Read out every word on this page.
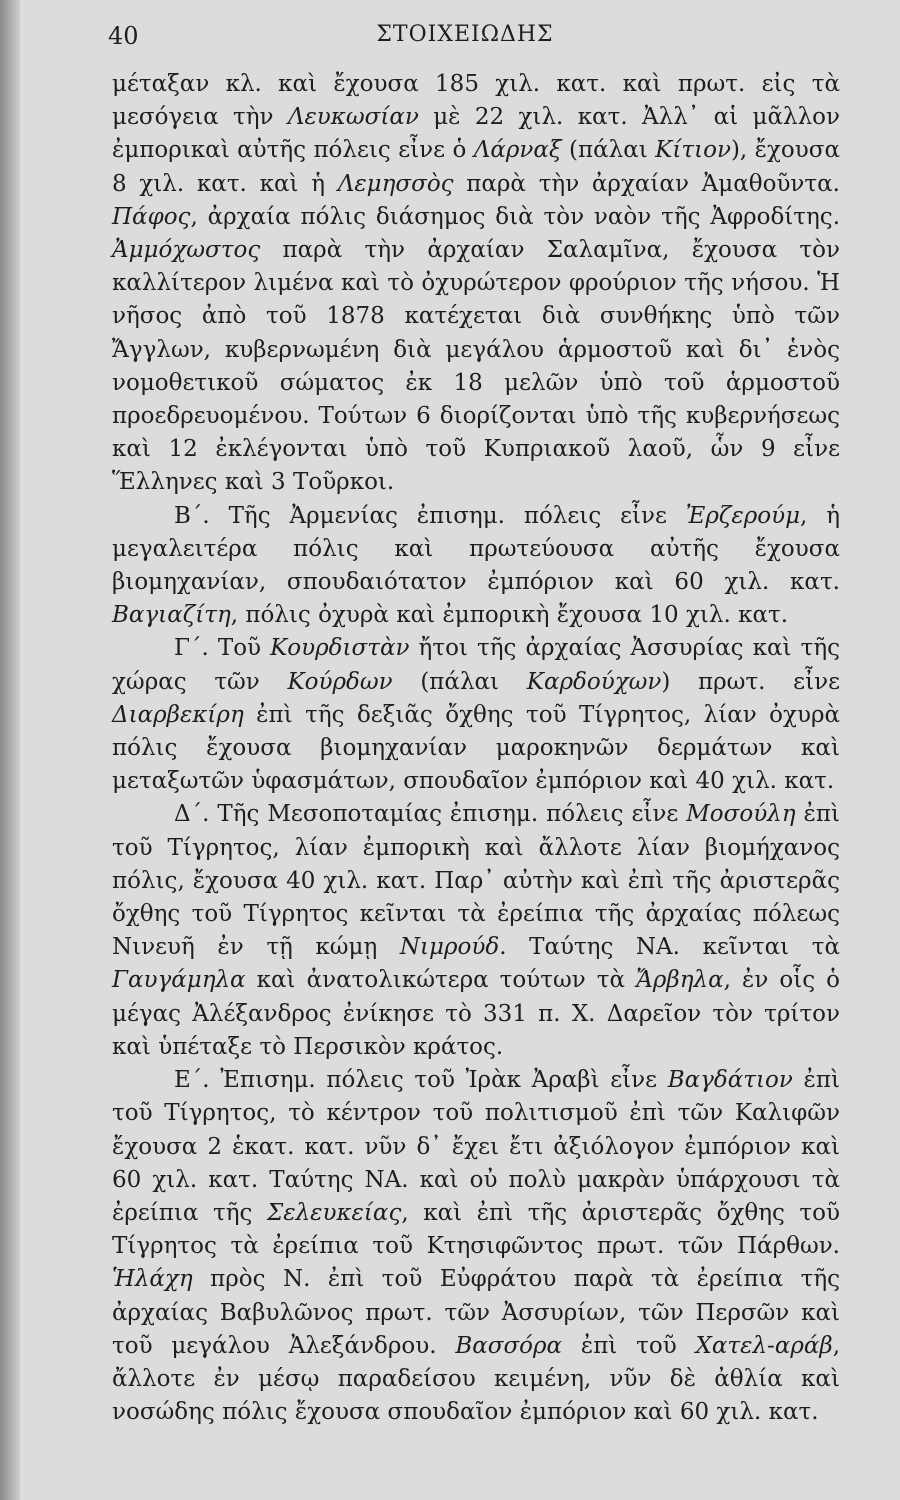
40	ΣΤΟΙΧΕΙΩΔΗΣ

μέταξαν κλ. καὶ ἔχουσα 185 χιλ. κατ. καὶ πρωτ. εἰς τὰ μεσόγεια τὴν Λευκωσίαν μὲ 22 χιλ. κατ. Ἀλλ᾽ αἱ μᾶλλον ἐμπορικαὶ αὐτῆς πόλεις εἶνε ὁ Λάρναξ (πάλαι Κίτιον), ἔχουσα 8 χιλ. κατ. καὶ ἡ Λεμησσὸς παρὰ τὴν ἀρχαίαν Ἀμαθοῦντα. Πάφος, ἀρχαία πόλις διάσημος διὰ τὸν ναὸν τῆς Ἀφροδίτης. Ἀμμόχωστος παρὰ τὴν ἀρχαίαν Σαλαμῖνα, ἔχουσα τὸν καλλίτερον λιμένα καὶ τὸ ὀχυρώτερον φρούριον τῆς νήσου. Ἡ νῆσος ἀπὸ τοῦ 1878 κατέχεται διὰ συνθήκης ὑπὸ τῶν Ἄγγλων, κυβερνωμένη διὰ μεγάλου ἁρμοστοῦ καὶ δι᾽ ἑνὸς νομοθετικοῦ σώματος ἐκ 18 μελῶν ὑπὸ τοῦ ἁρμοστοῦ προεδρευομένου. Τούτων 6 διορίζονται ὑπὸ τῆς κυβερνήσεως καὶ 12 ἐκλέγονται ὑπὸ τοῦ Κυπριακοῦ λαοῦ, ὧν 9 εἶνε Ἕλληνες καὶ 3 Τοῦρκοι.

Β΄. Τῆς Ἀρμενίας ἐπισημ. πόλεις εἶνε Ἐρζερούμ, ἡ μεγαλειτέρα πόλις καὶ πρωτεύουσα αὐτῆς ἔχουσα βιομηχανίαν, σπουδαιότατον ἐμπόριον καὶ 60 χιλ. κατ. Βαγιαζίτη, πόλις ὀχυρὰ καὶ ἐμπορικὴ ἔχουσα 10 χιλ. κατ.

Γ΄. Τοῦ Κουρδιστὰν ἤτοι τῆς ἀρχαίας Ἀσσυρίας καὶ τῆς χώρας τῶν Κούρδων (πάλαι Καρδούχων) πρωτ. εἶνε Διαρβεκίρη ἐπὶ τῆς δεξιᾶς ὄχθης τοῦ Τίγρητος, λίαν ὀχυρὰ πόλις ἔχουσα βιομηχανίαν μαροκηνῶν δερμάτων καὶ μεταξωτῶν ὑφασμάτων, σπουδαῖον ἐμπόριον καὶ 40 χιλ. κατ.

Δ΄. Τῆς Μεσοποταμίας ἐπισημ. πόλεις εἶνε Μοσούλη ἐπὶ τοῦ Τίγρητος, λίαν ἐμπορικὴ καὶ ἄλλοτε λίαν βιομήχανος πόλις, ἔχουσα 40 χιλ. κατ. Παρ᾽ αὐτὴν καὶ ἐπὶ τῆς ἀριστερᾶς ὄχθης τοῦ Τίγρητος κεῖνται τὰ ἐρείπια τῆς ἀρχαίας πόλεως Νινευῆ ἐν τῇ κώμῃ Νιμρούδ. Ταύτης ΝΑ. κεῖνται τὰ Γαυγάμηλα καὶ ἀνατολικώτερα τούτων τὰ Ἄρβηλα, ἐν οἷς ὁ μέγας Ἀλέξανδρος ἐνίκησε τὸ 331 π. Χ. Δαρεῖον τὸν τρίτον καὶ ὑπέταξε τὸ Περσικὸν κράτος.

Ε΄. Ἐπισημ. πόλεις τοῦ Ἰρὰκ Ἀραβὶ εἶνε Βαγδάτιον ἐπὶ τοῦ Τίγρητος, τὸ κέντρον τοῦ πολιτισμοῦ ἐπὶ τῶν Καλιφῶν ἔχουσα 2 ἑκατ. κατ. νῦν δ᾽ ἔχει ἔτι ἀξιόλογον ἐμπόριον καὶ 60 χιλ. κατ. Ταύτης ΝΑ. καὶ οὐ πολὺ μακρὰν ὑπάρχουσι τὰ ἐρείπια τῆς Σελευκείας, καὶ ἐπὶ τῆς ἀριστερᾶς ὄχθης τοῦ Τίγρητος τὰ ἐρείπια τοῦ Κτησιφῶντος πρωτ. τῶν Πάρθων. Ἡλάχη πρὸς Ν. ἐπὶ τοῦ Εὐφράτου παρὰ τὰ ἐρείπια τῆς ἀρχαίας Βαβυλῶνος πρωτ. τῶν Ἀσσυρίων, τῶν Περσῶν καὶ τοῦ μεγάλου Ἀλεξάνδρου. Βασσόρα ἐπὶ τοῦ Χατελ-αράβ, ἄλλοτε ἐν μέσῳ παραδείσου κειμένη, νῦν δὲ ἀθλία καὶ νοσώδης πόλις ἔχουσα σπουδαῖον ἐμπόριον καὶ 60 χιλ. κατ.
